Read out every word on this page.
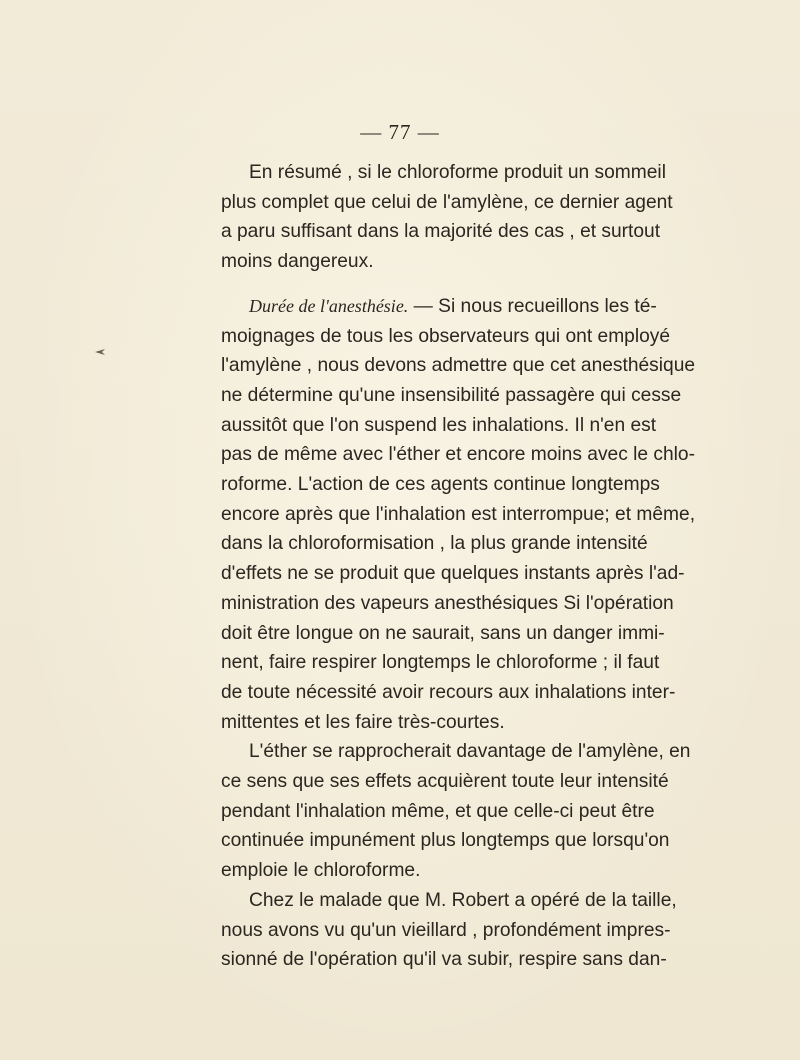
— 77 —

En résumé , si le chloroforme produit un sommeil
plus complet que celui de l'amylène, ce dernier agent
a paru suffisant dans la majorité des cas , et surtout
moins dangereux.

Durée de l'anesthésie. — Si nous recueillons les té-
moignages de tous les observateurs qui ont employé
l'amylène , nous devons admettre que cet anesthésique
ne détermine qu'une insensibilité passagère qui cesse
aussitôt que l'on suspend les inhalations. Il n'en est
pas de même avec l'éther et encore moins avec le chlo-
roforme. L'action de ces agents continue longtemps
encore après que l'inhalation est interrompue; et même,
dans la chloroformisation , la plus grande intensité
d'effets ne se produit que quelques instants après l'ad-
ministration des vapeurs anesthésiques Si l'opération
doit être longue on ne saurait, sans un danger immi-
nent, faire respirer longtemps le chloroforme ; il faut
de toute nécessité avoir recours aux inhalations inter-
mittentes et les faire très-courtes.

L'éther se rapprocherait davantage de l'amylène, en
ce sens que ses effets acquièrent toute leur intensité
pendant l'inhalation même, et que celle-ci peut être
continuée impunément plus longtemps que lorsqu'on
emploie le chloroforme.

Chez le malade que M. Robert a opéré de la taille,
nous avons vu qu'un vieillard , profondément impres-
sionné de l'opération qu'il va subir, respire sans dan-
